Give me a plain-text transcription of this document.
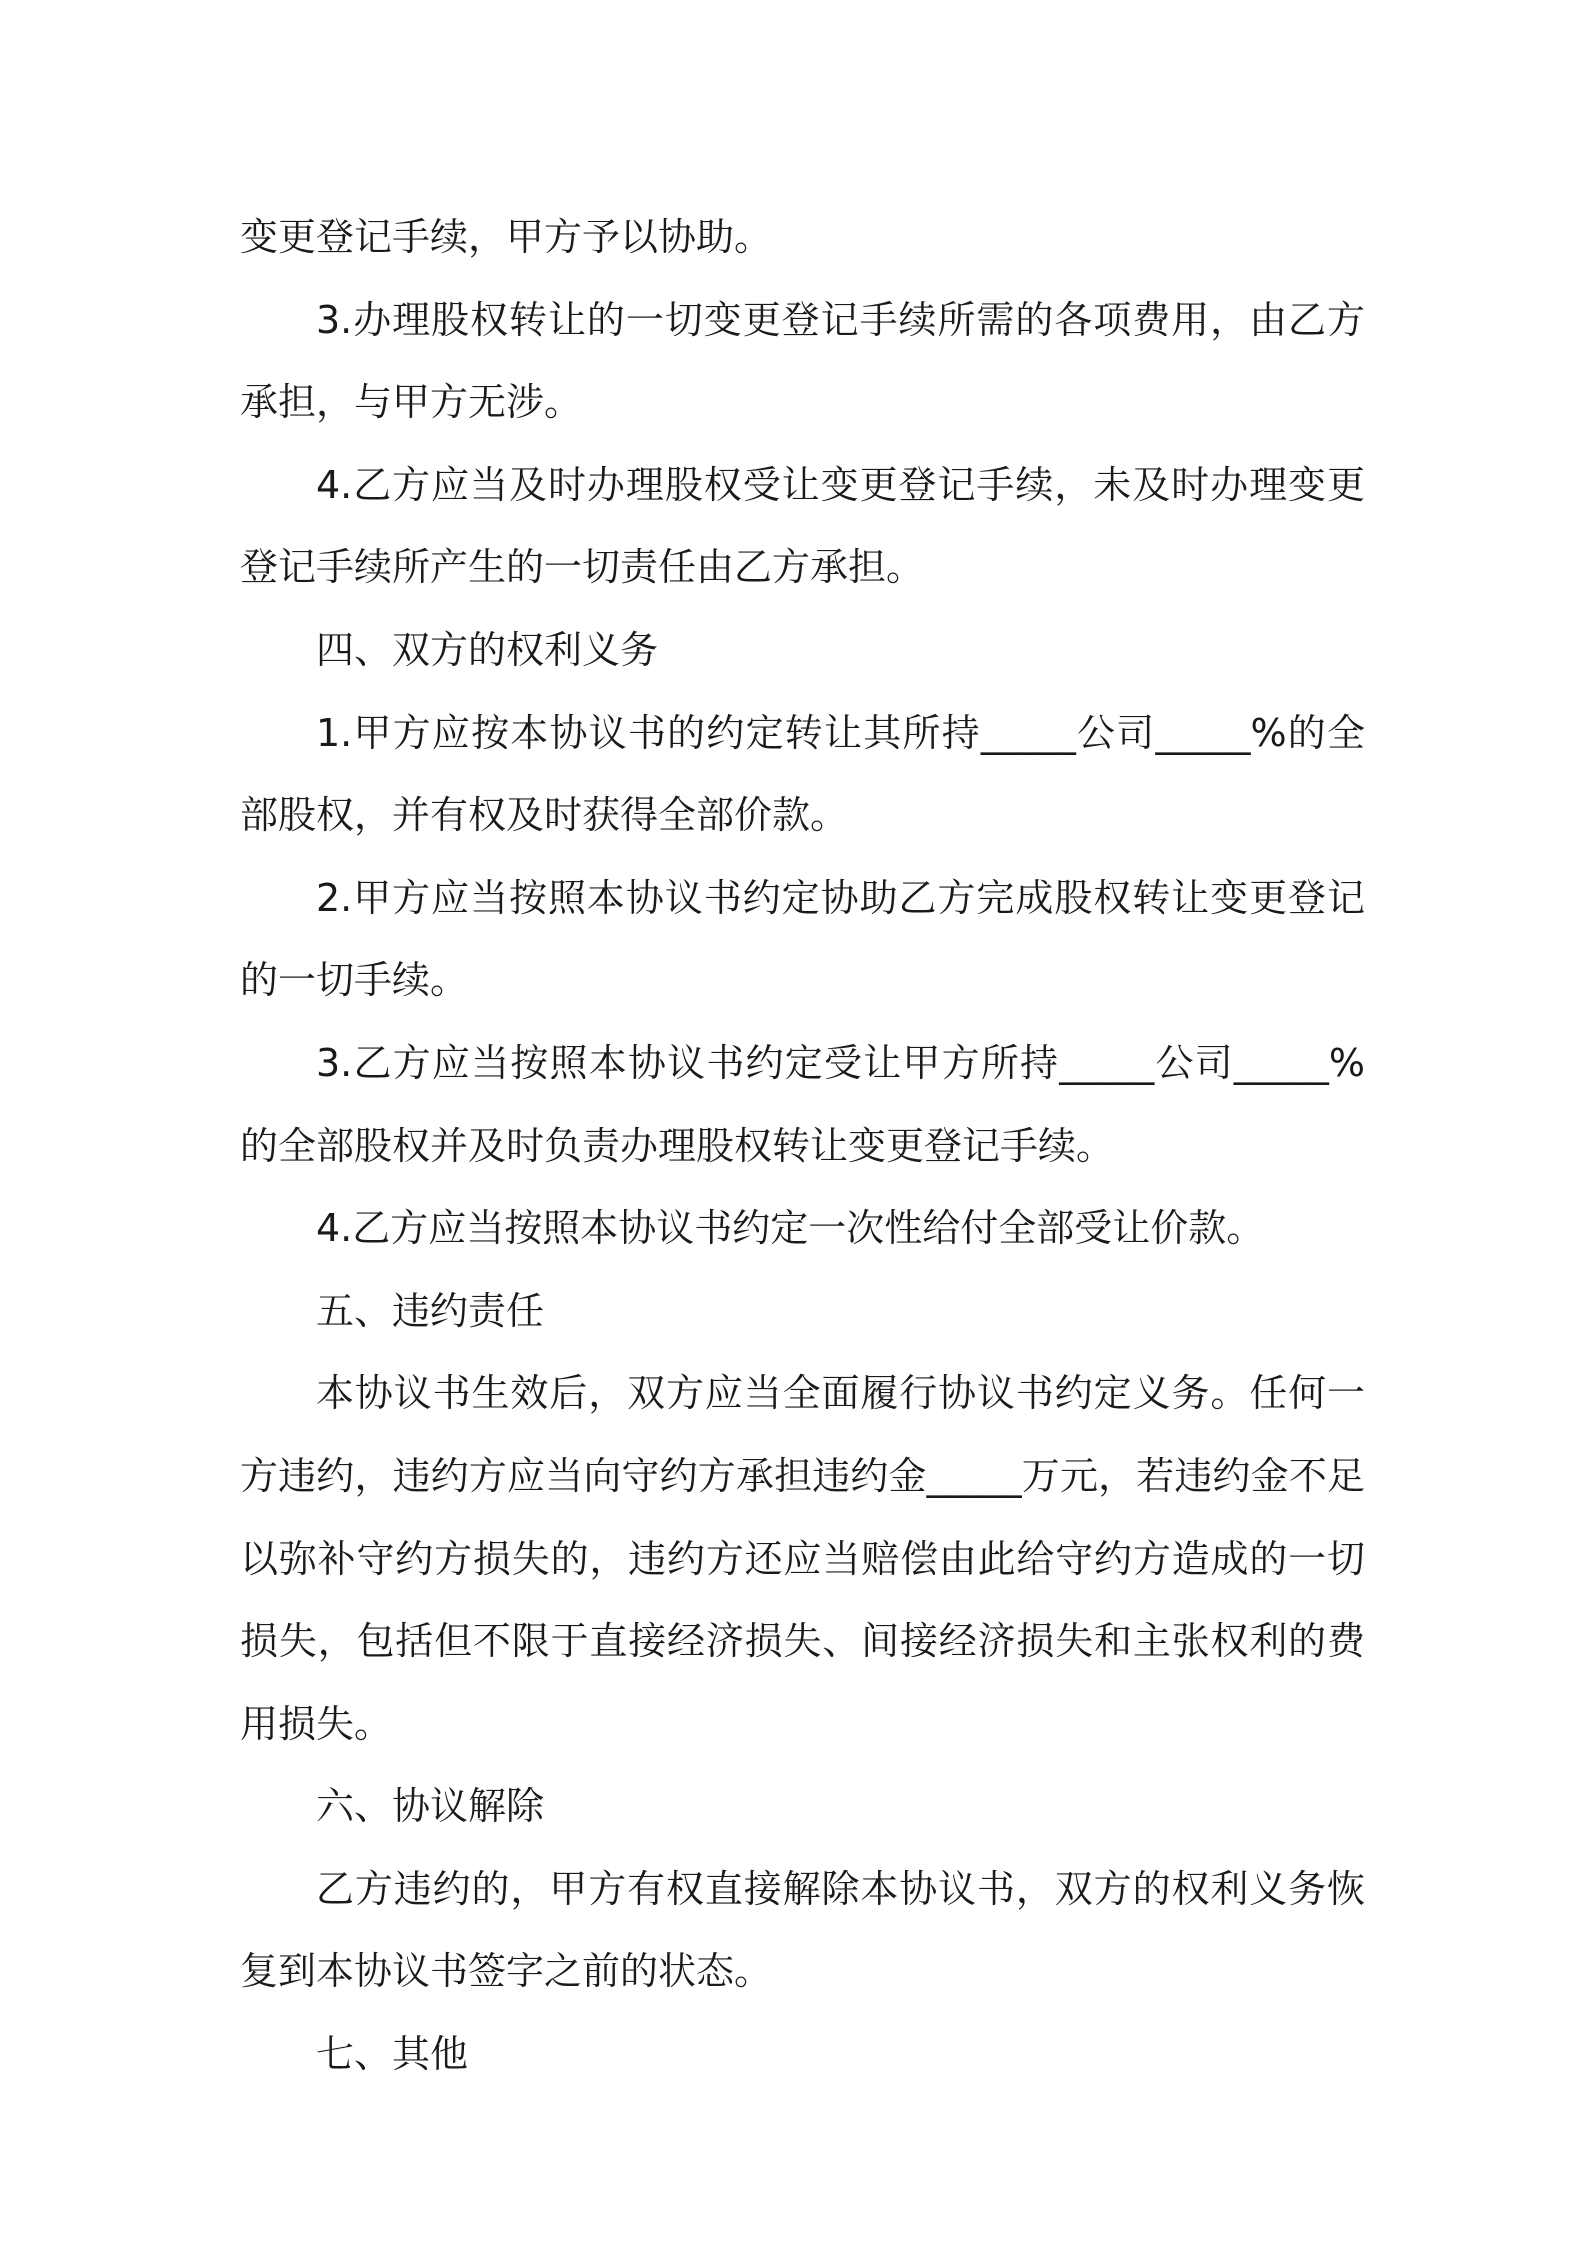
变更登记手续，甲方予以协助。

3.办理股权转让的一切变更登记手续所需的各项费用，由乙方承担，与甲方无涉。

4.乙方应当及时办理股权受让变更登记手续，未及时办理变更登记手续所产生的一切责任由乙方承担。

四、双方的权利义务

1.甲方应按本协议书的约定转让其所持_____公司_____%的全部股权，并有权及时获得全部价款。

2.甲方应当按照本协议书约定协助乙方完成股权转让变更登记的一切手续。

3.乙方应当按照本协议书约定受让甲方所持_____公司_____%的全部股权并及时负责办理股权转让变更登记手续。

4.乙方应当按照本协议书约定一次性给付全部受让价款。

五、违约责任

本协议书生效后，双方应当全面履行协议书约定义务。任何一方违约，违约方应当向守约方承担违约金_____万元，若违约金不足以弥补守约方损失的，违约方还应当赔偿由此给守约方造成的一切损失，包括但不限于直接经济损失、间接经济损失和主张权利的费用损失。

六、协议解除

乙方违约的，甲方有权直接解除本协议书，双方的权利义务恢复到本协议书签字之前的状态。

七、其他
